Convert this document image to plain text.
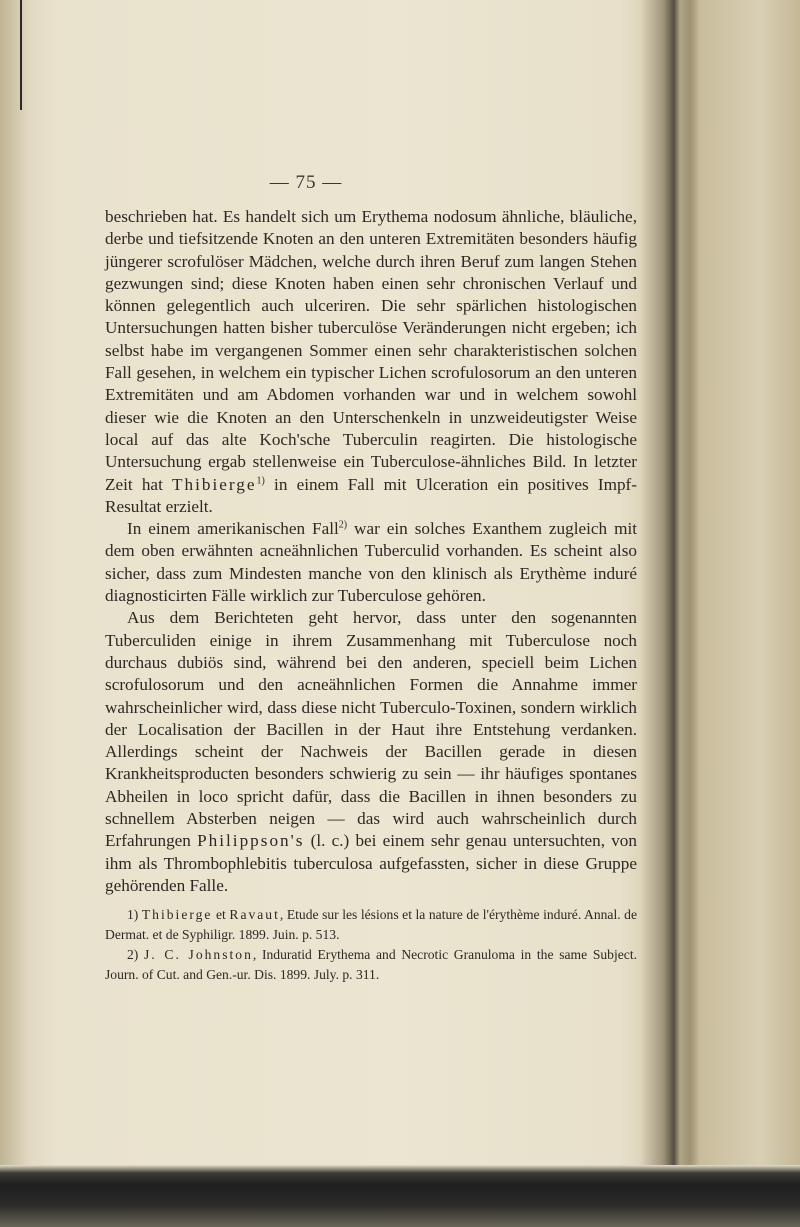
— 75 —

beschrieben hat. Es handelt sich um Erythema nodosum ähnliche, bläuliche, derbe und tiefsitzende Knoten an den unteren Extremitäten besonders häufig jüngerer scrofulöser Mädchen, welche durch ihren Beruf zum langen Stehen gezwungen sind; diese Knoten haben einen sehr chronischen Verlauf und können gelegentlich auch ulceriren. Die sehr spärlichen histologischen Untersuchungen hatten bisher tuberculöse Veränderungen nicht ergeben; ich selbst habe im vergangenen Sommer einen sehr charakteristischen solchen Fall gesehen, in welchem ein typischer Lichen scrofulosorum an den unteren Extremitäten und am Abdomen vorhanden war und in welchem sowohl dieser wie die Knoten an den Unterschenkeln in unzweideutigster Weise local auf das alte Koch'sche Tuberculin reagirten. Die histologische Untersuchung ergab stellenweise ein Tuberculose-ähnliches Bild. In letzter Zeit hat Thibierge$^{1)}$ in einem Fall mit Ulceration ein positives Impf-Resultat erzielt.

In einem amerikanischen Fall$^{2)}$ war ein solches Exanthem zugleich mit dem oben erwähnten acneähnlichen Tuberculid vorhanden. Es scheint also sicher, dass zum Mindesten manche von den klinisch als Erythème induré diagnosticirten Fälle wirklich zur Tuberculose gehören.

Aus dem Berichteten geht hervor, dass unter den sogenannten Tuberculiden einige in ihrem Zusammenhang mit Tuberculose noch durchaus dubiös sind, während bei den anderen, speciell beim Lichen scrofulosorum und den acneähnlichen Formen die Annahme immer wahrscheinlicher wird, dass diese nicht Tuberculo-Toxinen, sondern wirklich der Localisation der Bacillen in der Haut ihre Entstehung verdanken. Allerdings scheint der Nachweis der Bacillen gerade in diesen Krankheitsproducten besonders schwierig zu sein — ihr häufiges spontanes Abheilen in loco spricht dafür, dass die Bacillen in ihnen besonders zu schnellem Absterben neigen — das wird auch wahrscheinlich durch Erfahrungen Philippson's (l. c.) bei einem sehr genau untersuchten, von ihm als Thrombophlebitis tuberculosa aufgefassten, sicher in diese Gruppe gehörenden Falle.

1) Thibierge et Ravaut, Etude sur les lésions et la nature de l'érythème induré. Annal. de Dermat. et de Syphiligr. 1899. Juin. p. 513.

2) J. C. Johnston, Induratid Erythema and Necrotic Granuloma in the same Subject. Journ. of Cut. and Gen.-ur. Dis. 1899. July. p. 311.
